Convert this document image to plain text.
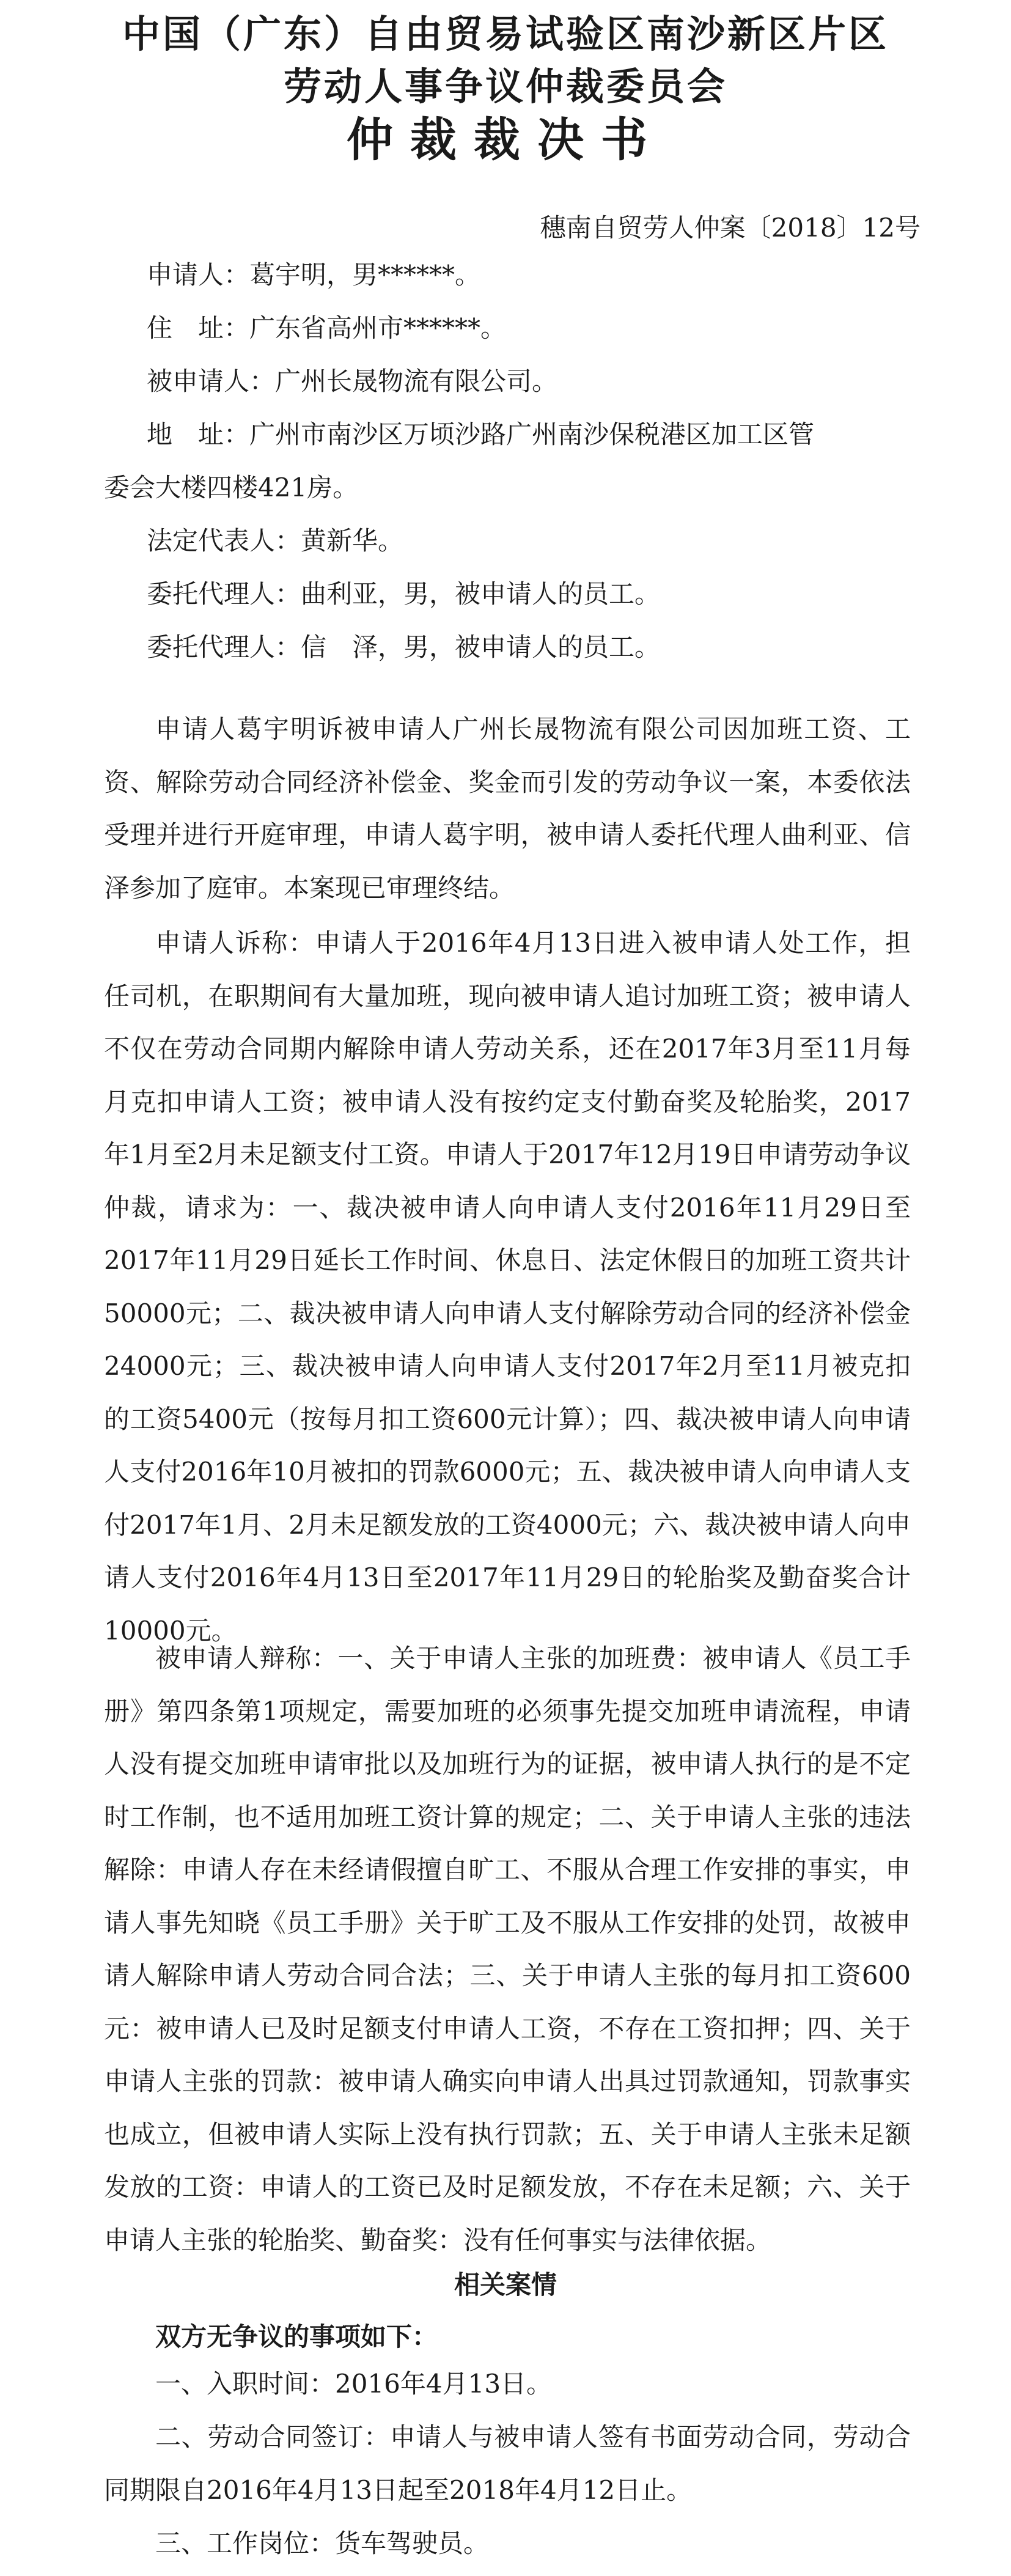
中国（广东）自由贸易试验区南沙新区片区
劳动人事争议仲裁委员会
仲裁裁决书
穗南自贸劳人仲案〔2018〕12号
申请人：葛宇明，男******。
住　址：广东省高州市******。
被申请人：广州长晟物流有限公司。
地　址：广州市南沙区万顷沙路广州南沙保税港区加工区管
委会大楼四楼421房。
法定代表人：黄新华。
委托代理人：曲利亚，男，被申请人的员工。
委托代理人：信　泽，男，被申请人的员工。

申请人葛宇明诉被申请人广州长晟物流有限公司因加班工资、工资、解除劳动合同经济补偿金、奖金而引发的劳动争议一案，本委依法受理并进行开庭审理，申请人葛宇明，被申请人委托代理人曲利亚、信泽参加了庭审。本案现已审理终结。

申请人诉称：申请人于2016年4月13日进入被申请人处工作，担任司机，在职期间有大量加班，现向被申请人追讨加班工资；被申请人不仅在劳动合同期内解除申请人劳动关系，还在2017年3月至11月每月克扣申请人工资；被申请人没有按约定支付勤奋奖及轮胎奖，2017年1月至2月未足额支付工资。申请人于2017年12月19日申请劳动争议仲裁，请求为：一、裁决被申请人向申请人支付2016年11月29日至2017年11月29日延长工作时间、休息日、法定休假日的加班工资共计50000元；二、裁决被申请人向申请人支付解除劳动合同的经济补偿金24000元；三、裁决被申请人向申请人支付2017年2月至11月被克扣的工资5400元（按每月扣工资600元计算）；四、裁决被申请人向申请人支付2016年10月被扣的罚款6000元；五、裁决被申请人向申请人支付2017年1月、2月未足额发放的工资4000元；六、裁决被申请人向申请人支付2016年4月13日至2017年11月29日的轮胎奖及勤奋奖合计10000元。

被申请人辩称：一、关于申请人主张的加班费：被申请人《员工手册》第四条第1项规定，需要加班的必须事先提交加班申请流程，申请人没有提交加班申请审批以及加班行为的证据，被申请人执行的是不定时工作制，也不适用加班工资计算的规定；二、关于申请人主张的违法解除：申请人存在未经请假擅自旷工、不服从合理工作安排的事实，申请人事先知晓《员工手册》关于旷工及不服从工作安排的处罚，故被申请人解除申请人劳动合同合法；三、关于申请人主张的每月扣工资600元：被申请人已及时足额支付申请人工资，不存在工资扣押；四、关于申请人主张的罚款：被申请人确实向申请人出具过罚款通知，罚款事实也成立，但被申请人实际上没有执行罚款；五、关于申请人主张未足额发放的工资：申请人的工资已及时足额发放，不存在未足额；六、关于申请人主张的轮胎奖、勤奋奖：没有任何事实与法律依据。

相关案情
双方无争议的事项如下：

一、入职时间：2016年4月13日。

二、劳动合同签订：申请人与被申请人签有书面劳动合同，劳动合同期限自2016年4月13日起至2018年4月12日止。

三、工作岗位：货车驾驶员。
